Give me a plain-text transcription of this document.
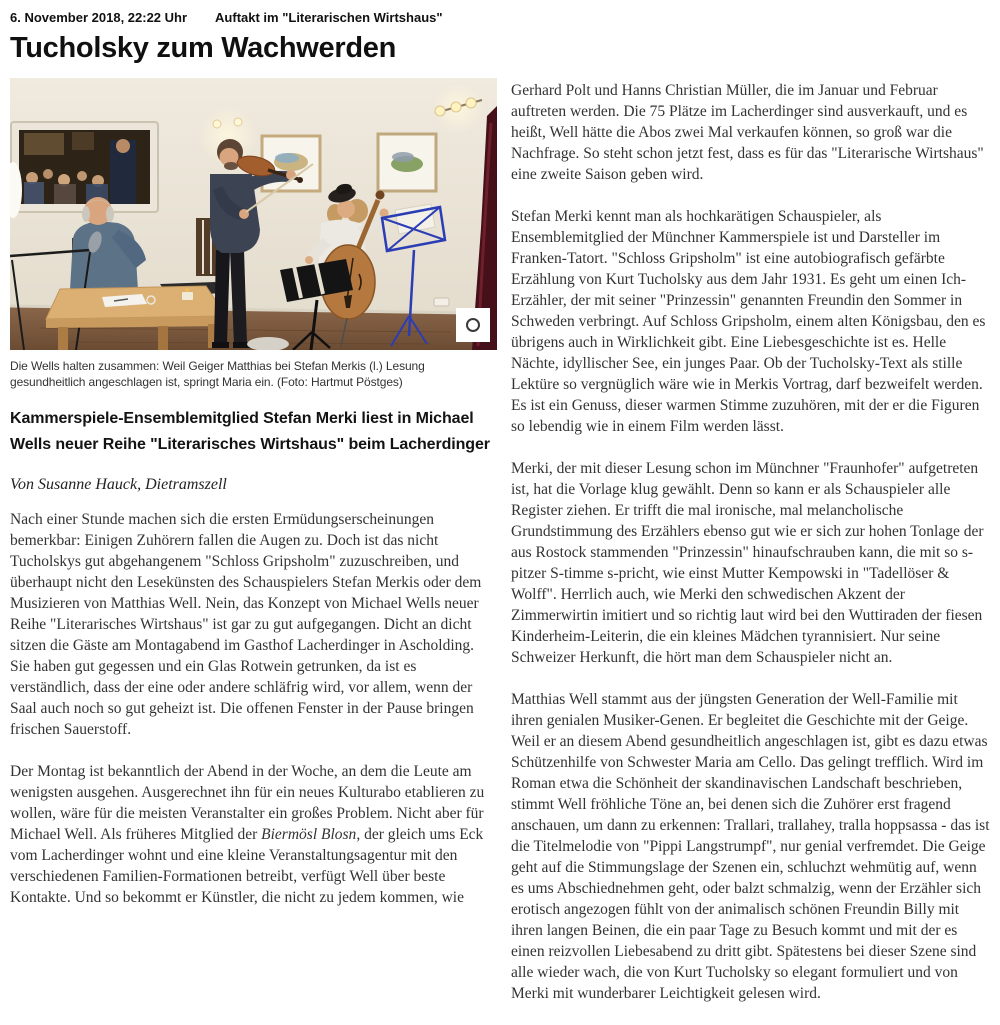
6. November 2018, 22:22 Uhr Auftakt im "Literarischen Wirtshaus"
Tucholsky zum Wachwerden
Die Wells halten zusammen: Weil Geiger Matthias bei Stefan Merkis (l.) Lesung gesundheitlich angeschlagen ist, springt Maria ein. (Foto: Hartmut Pöstges)
Kammerspiele-Ensemblemitglied Stefan Merki liest in Michael Wells neuer Reihe "Literarisches Wirtshaus" beim Lacherdinger

Von Susanne Hauck, Dietramszell

Nach einer Stunde machen sich die ersten Ermüdungserscheinungen bemerkbar: Einigen Zuhörern fallen die Augen zu. Doch ist das nicht Tucholskys gut abgehangenem "Schloss Gripsholm" zuzuschreiben, und überhaupt nicht den Lesekünsten des Schauspielers Stefan Merkis oder dem Musizieren von Matthias Well. Nein, das Konzept von Michael Wells neuer Reihe "Literarisches Wirtshaus" ist gar zu gut aufgegangen. Dicht an dicht sitzen die Gäste am Montagabend im Gasthof Lacherdinger in Ascholding. Sie haben gut gegessen und ein Glas Rotwein getrunken, da ist es verständlich, dass der eine oder andere schläfrig wird, vor allem, wenn der Saal auch noch so gut geheizt ist. Die offenen Fenster in der Pause bringen frischen Sauerstoff.

Der Montag ist bekanntlich der Abend in der Woche, an dem die Leute am wenigsten ausgehen. Ausgerechnet ihn für ein neues Kulturabo etablieren zu wollen, wäre für die meisten Veranstalter ein großes Problem. Nicht aber für Michael Well. Als früheres Mitglied der Biermösl Blosn, der gleich ums Eck vom Lacherdinger wohnt und eine kleine Veranstaltungsagentur mit den verschiedenen Familien-Formationen betreibt, verfügt Well über beste Kontakte. Und so bekommt er Künstler, die nicht zu jedem kommen, wie

Gerhard Polt und Hanns Christian Müller, die im Januar und Februar auftreten werden. Die 75 Plätze im Lacherdinger sind ausverkauft, und es heißt, Well hätte die Abos zwei Mal verkaufen können, so groß war die Nachfrage. So steht schon jetzt fest, dass es für das "Literarische Wirtshaus" eine zweite Saison geben wird.

Stefan Merki kennt man als hochkarätigen Schauspieler, als Ensemblemitglied der Münchner Kammerspiele ist und Darsteller im Franken-Tatort. "Schloss Gripsholm" ist eine autobiografisch gefärbte Erzählung von Kurt Tucholsky aus dem Jahr 1931. Es geht um einen Ich-Erzähler, der mit seiner "Prinzessin" genannten Freundin den Sommer in Schweden verbringt. Auf Schloss Gripsholm, einem alten Königsbau, den es übrigens auch in Wirklichkeit gibt. Eine Liebesgeschichte ist es. Helle Nächte, idyllischer See, ein junges Paar. Ob der Tucholsky-Text als stille Lektüre so vergnüglich wäre wie in Merkis Vortrag, darf bezweifelt werden. Es ist ein Genuss, dieser warmen Stimme zuzuhören, mit der er die Figuren so lebendig wie in einem Film werden lässt.

Merki, der mit dieser Lesung schon im Münchner "Fraunhofer" aufgetreten ist, hat die Vorlage klug gewählt. Denn so kann er als Schauspieler alle Register ziehen. Er trifft die mal ironische, mal melancholische Grundstimmung des Erzählers ebenso gut wie er sich zur hohen Tonlage der aus Rostock stammenden "Prinzessin" hinaufschrauben kann, die mit so s-pitzer S-timme s-pricht, wie einst Mutter Kempowski in "Tadellöser & Wolff". Herrlich auch, wie Merki den schwedischen Akzent der Zimmerwirtin imitiert und so richtig laut wird bei den Wuttiraden der fiesen Kinderheim-Leiterin, die ein kleines Mädchen tyrannisiert. Nur seine Schweizer Herkunft, die hört man dem Schauspieler nicht an.

Matthias Well stammt aus der jüngsten Generation der Well-Familie mit ihren genialen Musiker-Genen. Er begleitet die Geschichte mit der Geige. Weil er an diesem Abend gesundheitlich angeschlagen ist, gibt es dazu etwas Schützenhilfe von Schwester Maria am Cello. Das gelingt trefflich. Wird im Roman etwa die Schönheit der skandinavischen Landschaft beschrieben, stimmt Well fröhliche Töne an, bei denen sich die Zuhörer erst fragend anschauen, um dann zu erkennen: Trallari, trallahey, tralla hoppsassa - das ist die Titelmelodie von "Pippi Langstrumpf", nur genial verfremdet. Die Geige geht auf die Stimmungslage der Szenen ein, schluchzt wehmütig auf, wenn es ums Abschiednehmen geht, oder balzt schmalzig, wenn der Erzähler sich erotisch angezogen fühlt von der animalisch schönen Freundin Billy mit ihren langen Beinen, die ein paar Tage zu Besuch kommt und mit der es einen reizvollen Liebesabend zu dritt gibt. Spätestens bei dieser Szene sind alle wieder wach, die von Kurt Tucholsky so elegant formuliert und von Merki mit wunderbarer Leichtigkeit gelesen wird.
